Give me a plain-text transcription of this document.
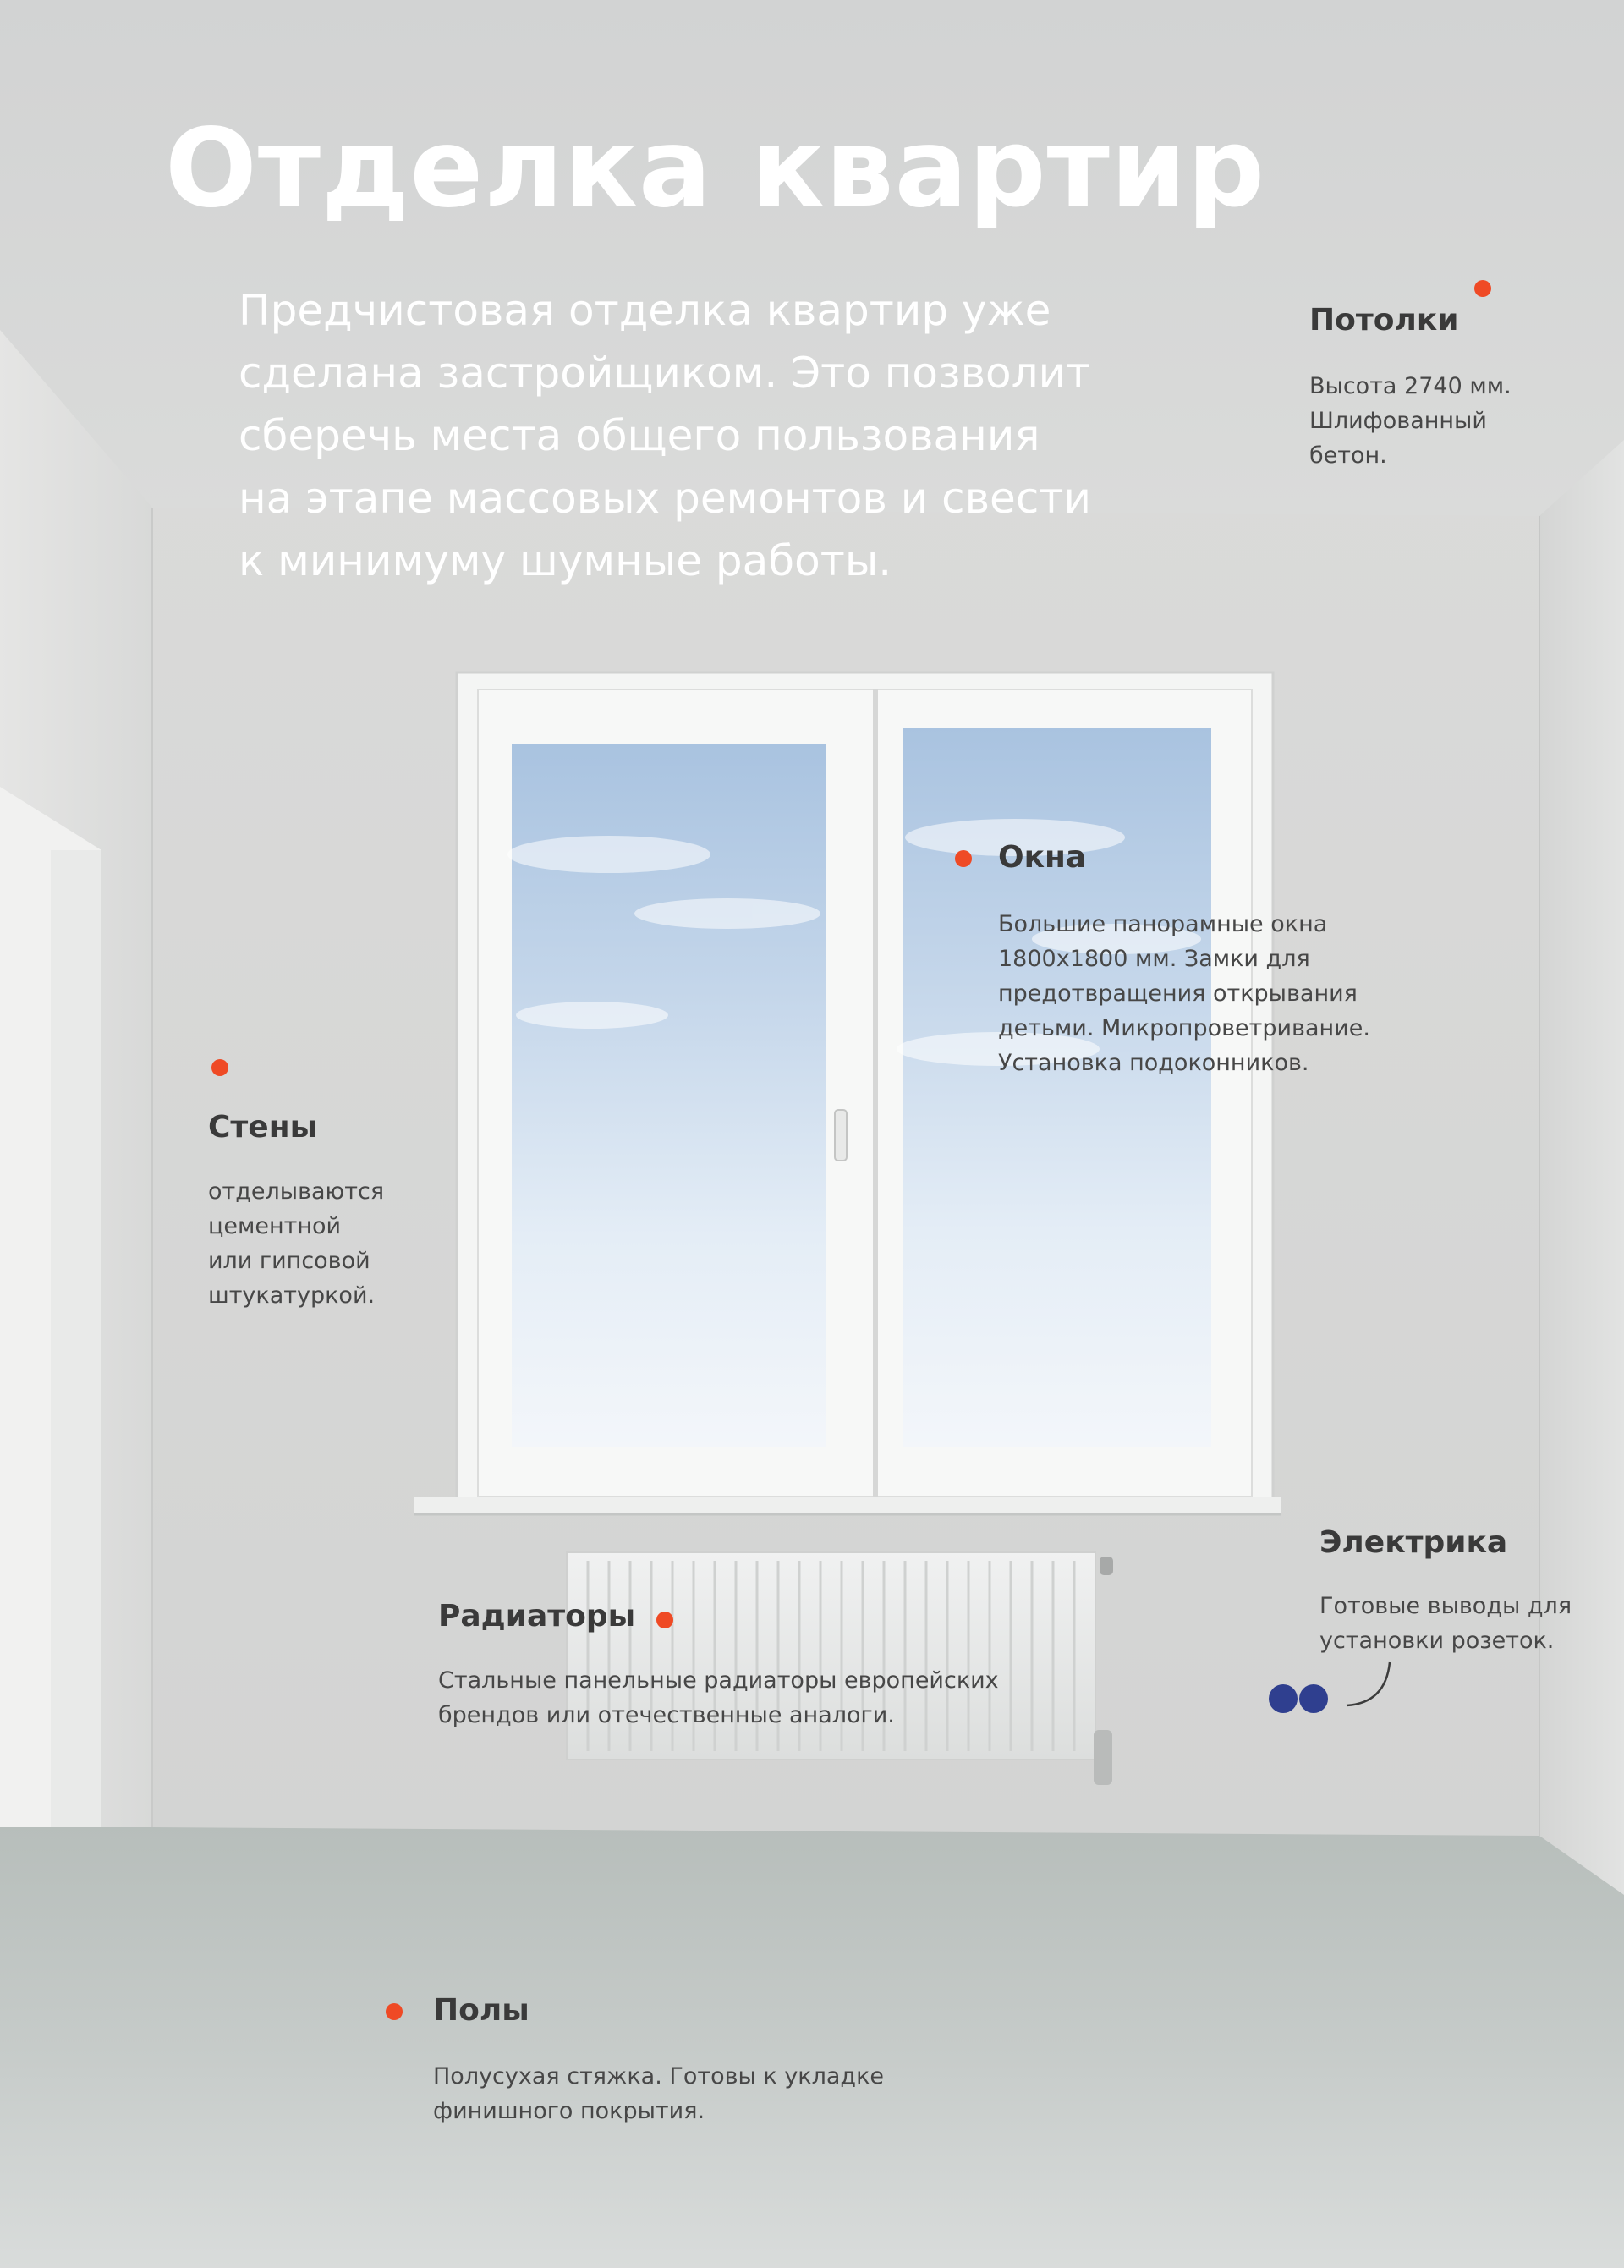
Отделка квартир

Предчистовая отделка квартир уже
сделана застройщиком. Это позволит
сберечь места общего пользования
на этапе массовых ремонтов и свести
к минимуму шумные работы.

Потолки
Высота 2740 мм.
Шлифованный
бетон.
Окна
Большие панорамные окна
1800х1800 мм. Замки для
предотвращения открывания
детьми. Микропроветривание.
Установка подоконников.
Стены
отделываются
цементной
или гипсовой
штукатуркой.
Электрика
Готовые выводы для
установки розеток.
Радиаторы
Стальные панельные радиаторы европейских
брендов или отечественные аналоги.
Полы
Полусухая стяжка. Готовы к укладке
финишного покрытия.
